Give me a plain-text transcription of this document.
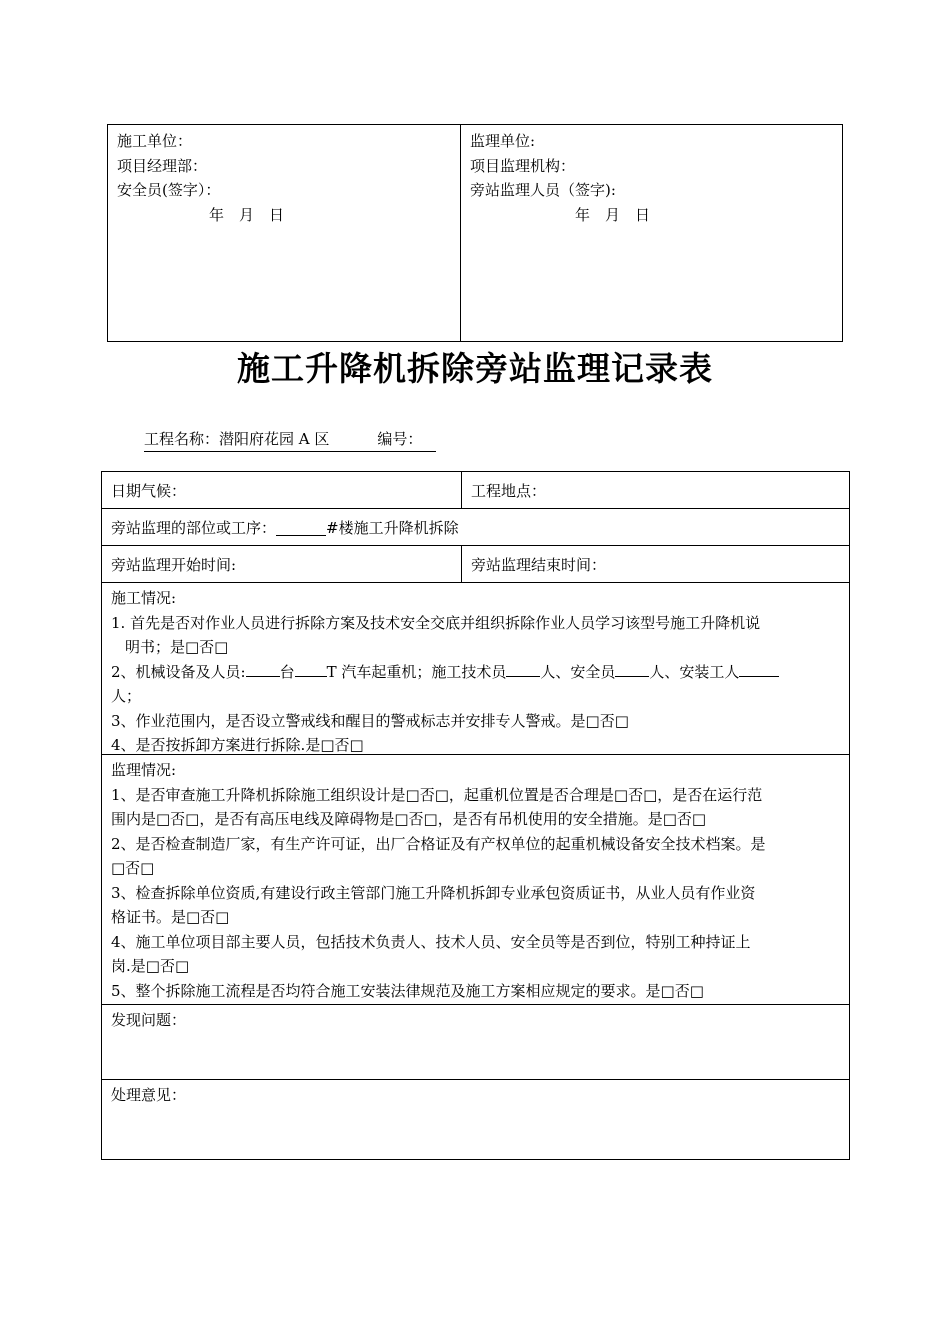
施工单位：
项目经理部：
安全员(签字）：
年　月　日
监理单位:
项目监理机构：
旁站监理人员（签字):
年　月　日
施工升降机拆除旁站监理记录表
工程名称：潜阳府花园 A 区	编号：
日期气候：	工程地点：
旁站监理的部位或工序：	#楼施工升降机拆除
旁站监理开始时间:	旁站监理结束时间：
施工情况:
1. 首先是否对作业人员进行拆除方案及技术安全交底并组织拆除作业人员学习该型号施工升降机说
明书；是□否□
2、机械设备及人员: 台 T 汽车起重机；施工技术员 人、安全员 人、安装工人
人；
3、作业范围内，是否设立警戒线和醒目的警戒标志并安排专人警戒。是□否□
4、是否按拆卸方案进行拆除.是□否□
监理情况:
1、是否审查施工升降机拆除施工组织设计是□否□，起重机位置是否合理是□否□，是否在运行范
围内是□否□，是否有高压电线及障碍物是□否□，是否有吊机使用的安全措施。是□否□
2、是否检查制造厂家，有生产许可证，出厂合格证及有产权单位的起重机械设备安全技术档案。是
□否□
3、检查拆除单位资质,有建设行政主管部门施工升降机拆卸专业承包资质证书，从业人员有作业资
格证书。是□否□
4、施工单位项目部主要人员，包括技术负责人、技术人员、安全员等是否到位，特别工种持证上
岗.是□否□
5、整个拆除施工流程是否均符合施工安装法律规范及施工方案相应规定的要求。是□否□
发现问题：
处理意见：
